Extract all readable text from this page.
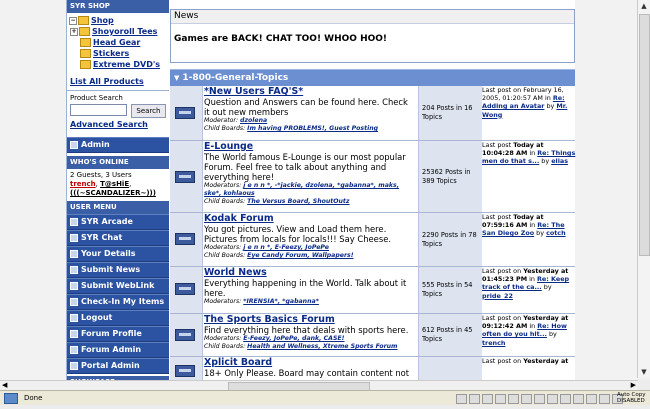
SYR SHOP
− Shop
+ Shoyoroll Tees
Head Gear
Stickers
Extreme DVD's
List All Products
Product Search
Search
Advanced Search
Admin
WHO'S ONLINE
2 Guests, 3 Users
trench, T@sHiE,
(((~SCANDALIZER~)))
USER MENU
SYR Arcade
SYR Chat
Your Details
Submit News
Submit WebLink
Check-In My Items
Logout
Forum Profile
Forum Admin
Portal Admin
News
Games are BACK! CHAT TOO! WHOO HOO!
▼ 1-800-General-Topics
*New Users FAQ'S*
Question and Answers can be found here. Check it out new members
Moderator: dzolena
Child Boards: Im having PROBLEMS!, Guest Posting
204 Posts in 16 Topics
Last post on February 16, 2005, 01:20:57 AM in Re: Adding an Avatar by Mr. Wong
E-Lounge
The World famous E-Lounge is our most popular Forum. Feel free to talk about anything and everything here!
Moderators: j e n n *, -*jackie, dzolena, *gabanna*, maks, ske*, kohlaous
Child Boards: The Versus Board, ShoutOutz
25362 Posts in 389 Topics
Last post Today at 10:04:28 AM in Re: Things men do that s... by elias
Kodak Forum
You got pictures. View and Load them here. Pictures from locals for locals!!! Say Cheese.
Moderators: j e n n *, E-Feezy, JoPePe
Child Boards: Eye Candy Forum, Wallpapers!
2290 Posts in 78 Topics
Last post Today at 07:59:16 AM in Re: The San Diego Zoo by cotch
World News
Everything happening in the World. Talk about it here.
Moderators: *IRENSIA*, *gabanna*
555 Posts in 54 Topics
Last post on Yesterday at 01:45:23 PM in Re: Keep track of the ca... by pride_22
The Sports Basics Forum
Find everything here that deals with sports here.
Moderators: E-Feezy, JoPePe, dank, CASE!
Child Boards: Health and Wellness, Xtreme Sports Forum
612 Posts in 45 Topics
Last post on Yesterday at 09:12:42 AM in Re: How often do you hit... by trench
Xplicit Board
18+ Only Please. Board may contain content not
Last post on Yesterday at
▲
▼
◀	▶
Done	Auto Copy
DISABLED
